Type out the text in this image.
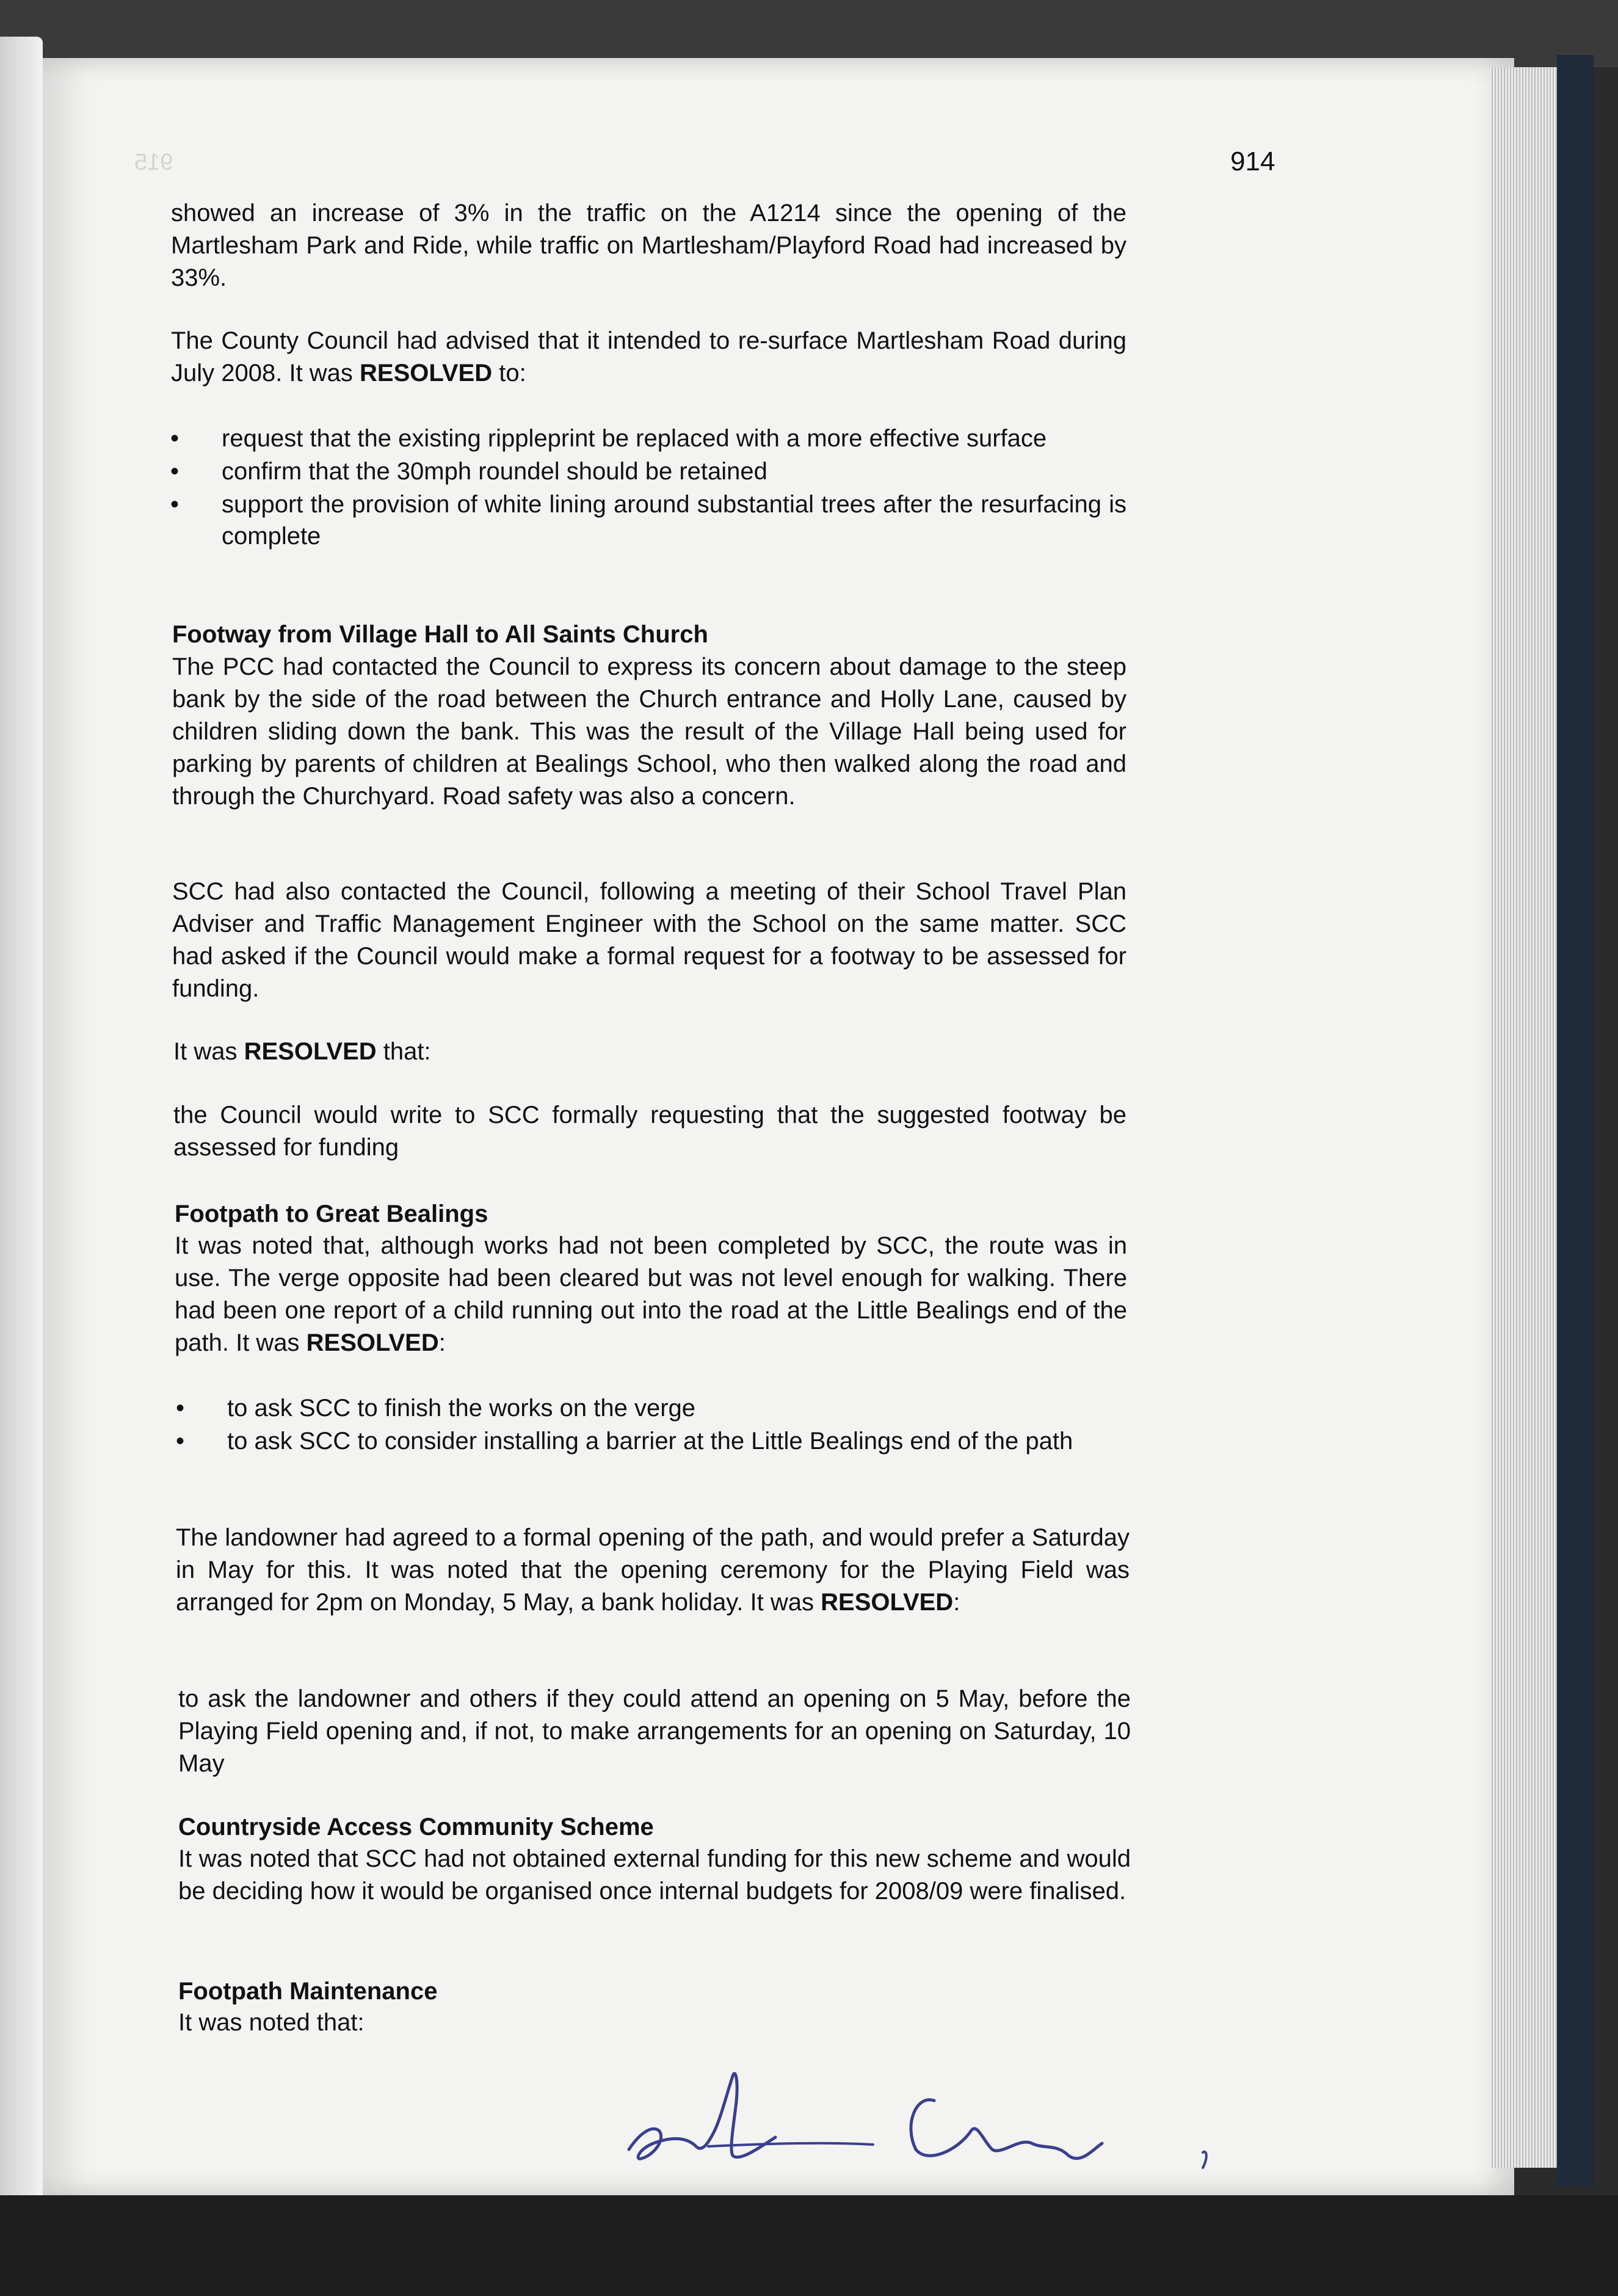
915	914
showed an increase of 3% in the traffic on the A1214 since the opening of the Martlesham Park and Ride, while traffic on Martlesham/Playford Road had increased by 33%.
The County Council had advised that it intended to re-surface Martlesham Road during July 2008. It was RESOLVED to:
• request that the existing rippleprint be replaced with a more effective surface
• confirm that the 30mph roundel should be retained
• support the provision of white lining around substantial trees after the resurfacing is complete
Footway from Village Hall to All Saints Church
The PCC had contacted the Council to express its concern about damage to the steep bank by the side of the road between the Church entrance and Holly Lane, caused by children sliding down the bank. This was the result of the Village Hall being used for parking by parents of children at Bealings School, who then walked along the road and through the Churchyard. Road safety was also a concern.
SCC had also contacted the Council, following a meeting of their School Travel Plan Adviser and Traffic Management Engineer with the School on the same matter. SCC had asked if the Council would make a formal request for a footway to be assessed for funding.
It was RESOLVED that:
the Council would write to SCC formally requesting that the suggested footway be assessed for funding
Footpath to Great Bealings
It was noted that, although works had not been completed by SCC, the route was in use. The verge opposite had been cleared but was not level enough for walking. There had been one report of a child running out into the road at the Little Bealings end of the path. It was RESOLVED:
• to ask SCC to finish the works on the verge
• to ask SCC to consider installing a barrier at the Little Bealings end of the path
The landowner had agreed to a formal opening of the path, and would prefer a Saturday in May for this. It was noted that the opening ceremony for the Playing Field was arranged for 2pm on Monday, 5 May, a bank holiday. It was RESOLVED:
to ask the landowner and others if they could attend an opening on 5 May, before the Playing Field opening and, if not, to make arrangements for an opening on Saturday, 10 May
Countryside Access Community Scheme
It was noted that SCC had not obtained external funding for this new scheme and would be deciding how it would be organised once internal budgets for 2008/09 were finalised.
Footpath Maintenance
It was noted that:
